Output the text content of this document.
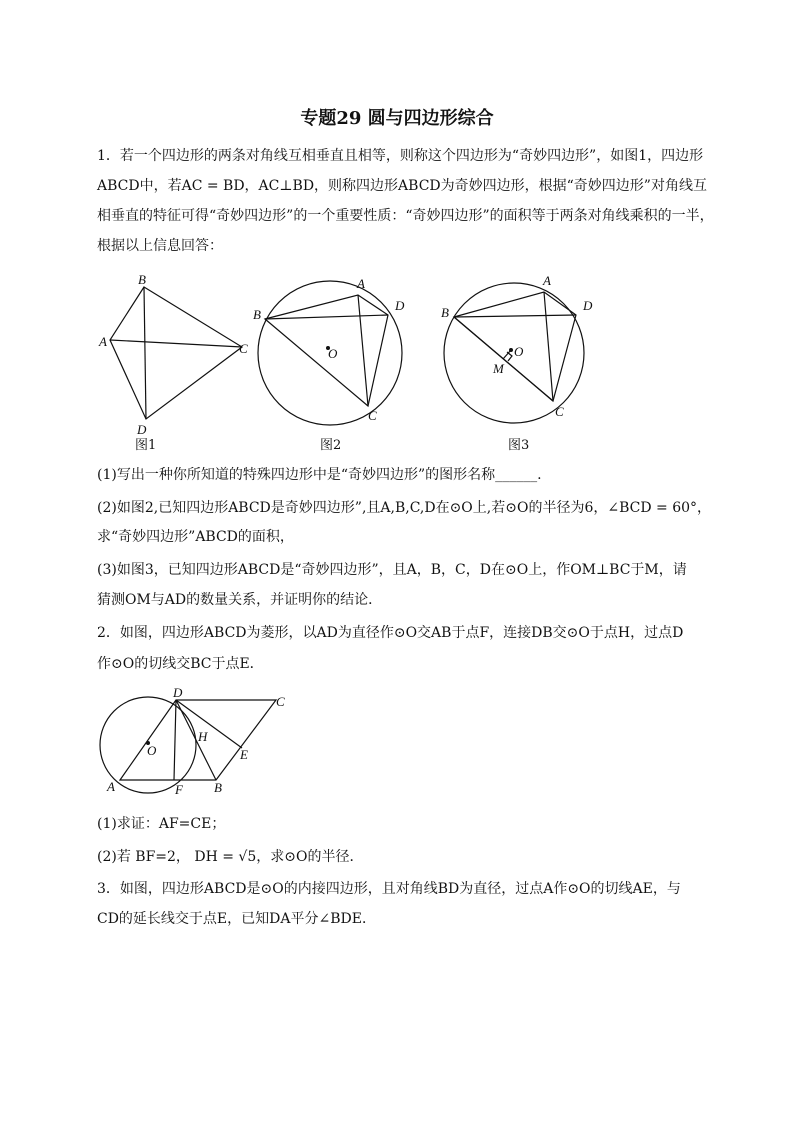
专题29 圆与四边形综合
1．若一个四边形的两条对角线互相垂直且相等，则称这个四边形为“奇妙四边形”，如图1，四边形
ABCD中，若AC = BD，AC⊥BD，则称四边形ABCD为奇妙四边形，根据“奇妙四边形”对角线互
相垂直的特征可得“奇妙四边形”的一个重要性质：“奇妙四边形”的面积等于两条对角线乘积的一半，
根据以上信息回答：
B
A	C
D
图1
A
B
D
C
O
图2
A
B	D
C
O
M
图3
(1)写出一种你所知道的特殊四边形中是“奇妙四边形”的图形名称______.
(2)如图2,已知四边形ABCD是奇妙四边形”,且A,B,C,D在⊙O上,若⊙O的半径为6，∠BCD = 60°，
求“奇妙四边形”ABCD的面积，
(3)如图3，已知四边形ABCD是“奇妙四边形”，且A，B，C，D在⊙O上，作OM⊥BC于M，请
猜测OM与AD的数量关系，并证明你的结论．
2．如图，四边形ABCD为菱形，以AD为直径作⊙O交AB于点F，连接DB交⊙O于点H，过点D
作⊙O的切线交BC于点E．
D
C
O
H
E
A	F B
(1)求证：AF=CE；
(2)若 BF=2， DH = √5，求⊙O的半径．
3．如图，四边形ABCD是⊙O的内接四边形，且对角线BD为直径，过点A作⊙O的切线AE，与
CD的延长线交于点E，已知DA平分∠BDE．
